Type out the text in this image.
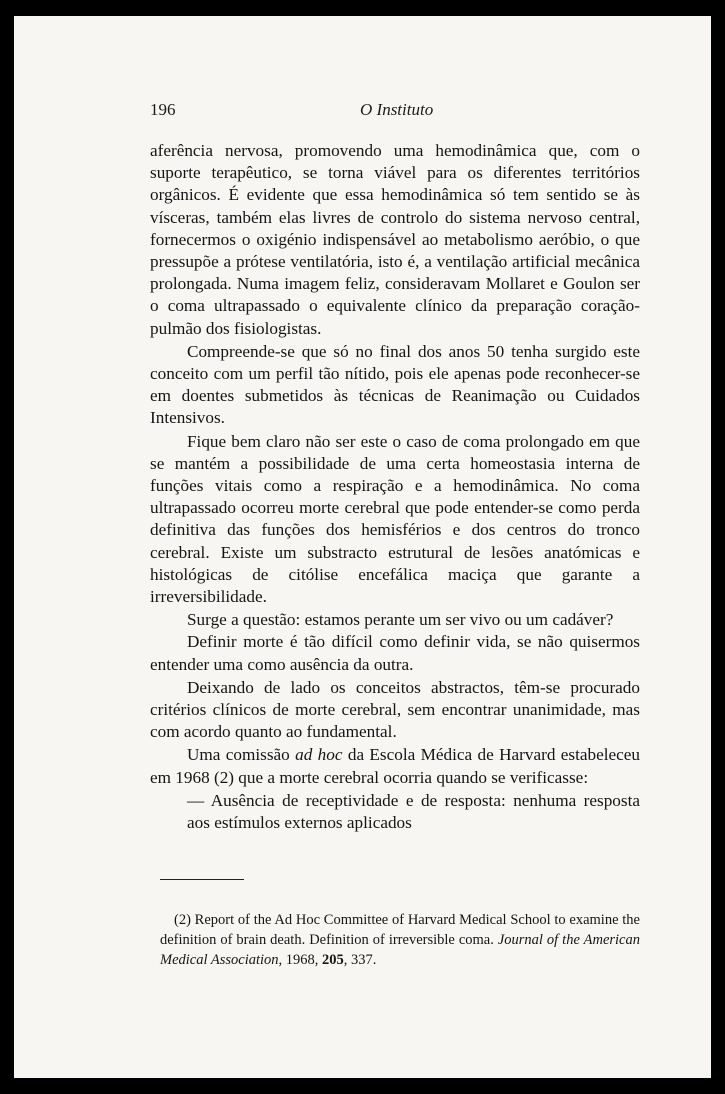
196	O Instituto

aferência nervosa, promovendo uma hemodinâmica que, com o suporte terapêutico, se torna viável para os diferentes territórios orgânicos. É evidente que essa hemodinâmica só tem sentido se às vísceras, também elas livres de controlo do sistema nervoso central, fornecermos o oxigénio indispensável ao metabolismo aeróbio, o que pressupõe a prótese ventilatória, isto é, a ventilação artificial mecânica prolongada. Numa imagem feliz, consideravam Mollaret e Goulon ser o coma ultrapassado o equivalente clínico da preparação coração-pulmão dos fisiologistas.

Compreende-se que só no final dos anos 50 tenha surgido este conceito com um perfil tão nítido, pois ele apenas pode reconhecer-se em doentes submetidos às técnicas de Reanimação ou Cuidados Intensivos.

Fique bem claro não ser este o caso de coma prolongado em que se mantém a possibilidade de uma certa homeostasia interna de funções vitais como a respiração e a hemodinâmica. No coma ultrapassado ocorreu morte cerebral que pode entender-se como perda definitiva das funções dos hemisférios e dos centros do tronco cerebral. Existe um substracto estrutural de lesões anatómicas e histológicas de citólise encefálica maciça que garante a irreversibilidade.

Surge a questão: estamos perante um ser vivo ou um cadáver?

Definir morte é tão difícil como definir vida, se não quisermos entender uma como ausência da outra.

Deixando de lado os conceitos abstractos, têm-se procurado critérios clínicos de morte cerebral, sem encontrar unanimidade, mas com acordo quanto ao fundamental.

Uma comissão ad hoc da Escola Médica de Harvard estabeleceu em 1968 (2) que a morte cerebral ocorria quando se verificasse:

— Ausência de receptividade e de resposta: nenhuma resposta aos estímulos externos aplicados

(2) Report of the Ad Hoc Committee of Harvard Medical School to examine the definition of brain death. Definition of irreversible coma. Journal of the American Medical Association, 1968, 205, 337.
